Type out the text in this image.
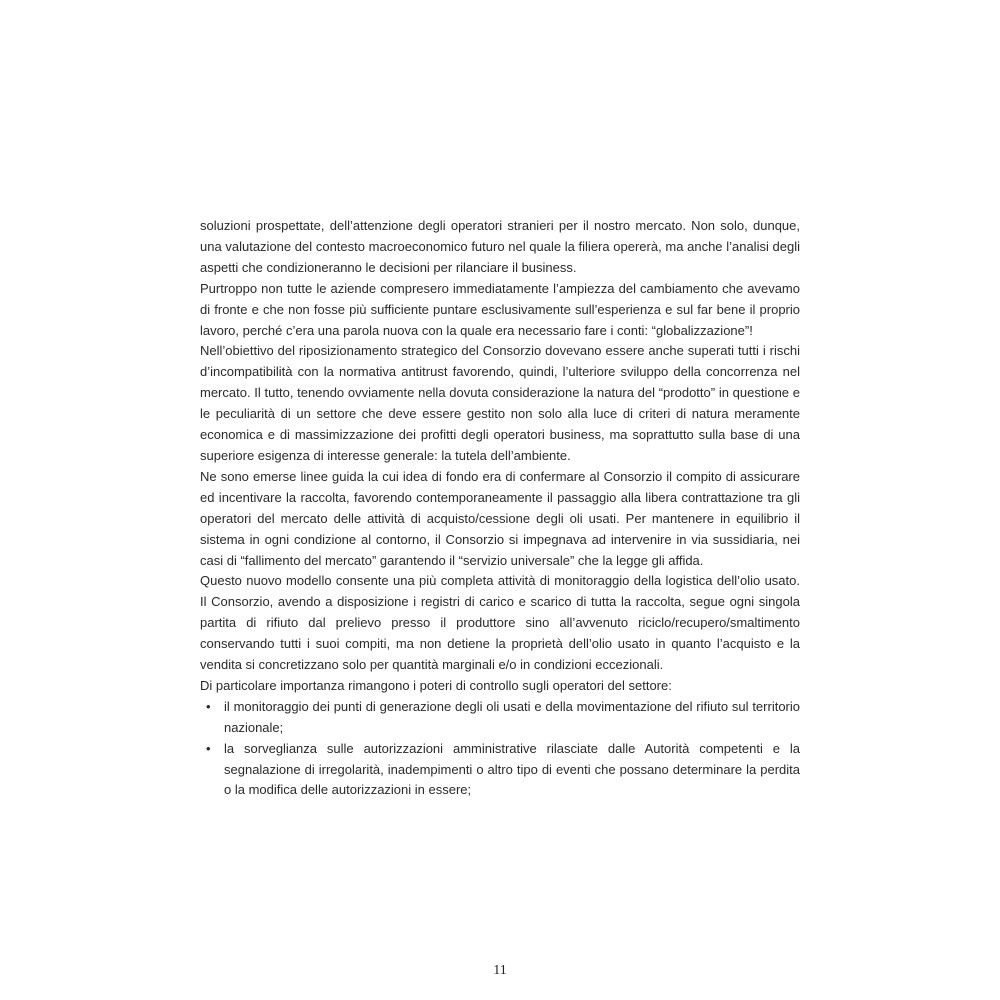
soluzioni prospettate, dell’attenzione degli operatori stranieri per il nostro mercato. Non solo, dunque, una valutazione del contesto macroeconomico futuro nel quale la filiera opererà, ma anche l’analisi degli aspetti che condizioneranno le decisioni per rilanciare il business.

Purtroppo non tutte le aziende compresero immediatamente l’ampiezza del cambiamento che avevamo di fronte e che non fosse più sufficiente puntare esclusivamente sull’esperienza e sul far bene il proprio lavoro, perché c’era una parola nuova con la quale era necessario fare i conti: “globalizzazione”!

Nell’obiettivo del riposizionamento strategico del Consorzio dovevano essere anche superati tutti i rischi d’incompatibilità con la normativa antitrust favorendo, quindi, l’ulteriore sviluppo della concorrenza nel mercato. Il tutto, tenendo ovviamente nella dovuta considerazione la natura del “prodotto” in questione e le peculiarità di un settore che deve essere gestito non solo alla luce di criteri di natura meramente economica e di massimizzazione dei profitti degli operatori business, ma soprattutto sulla base di una superiore esigenza di interesse generale: la tutela dell’ambiente.

Ne sono emerse linee guida la cui idea di fondo era di confermare al Consorzio il compito di assicurare ed incentivare la raccolta, favorendo contemporaneamente il passaggio alla libera contrattazione tra gli operatori del mercato delle attività di acquisto/cessione degli oli usati. Per mantenere in equilibrio il sistema in ogni condizione al contorno, il Consorzio si impegnava ad intervenire in via sussidiaria, nei casi di “fallimento del mercato” garantendo il “servizio universale” che la legge gli affida.

Questo nuovo modello consente una più completa attività di monitoraggio della logistica dell’olio usato. Il Consorzio, avendo a disposizione i registri di carico e scarico di tutta la raccolta, segue ogni singola partita di rifiuto dal prelievo presso il produttore sino all’avvenuto riciclo/recupero/smaltimento conservando tutti i suoi compiti, ma non detiene la proprietà dell’olio usato in quanto l’acquisto e la vendita si concretizzano solo per quantità marginali e/o in condizioni eccezionali.

Di particolare importanza rimangono i poteri di controllo sugli operatori del settore:

• il monitoraggio dei punti di generazione degli oli usati e della movimentazione del rifiuto sul territorio nazionale;
• la sorveglianza sulle autorizzazioni amministrative rilasciate dalle Autorità competenti e la segnalazione di irregolarità, inadempimenti o altro tipo di eventi che possano determinare la perdita o la modifica delle autorizzazioni in essere;
11
